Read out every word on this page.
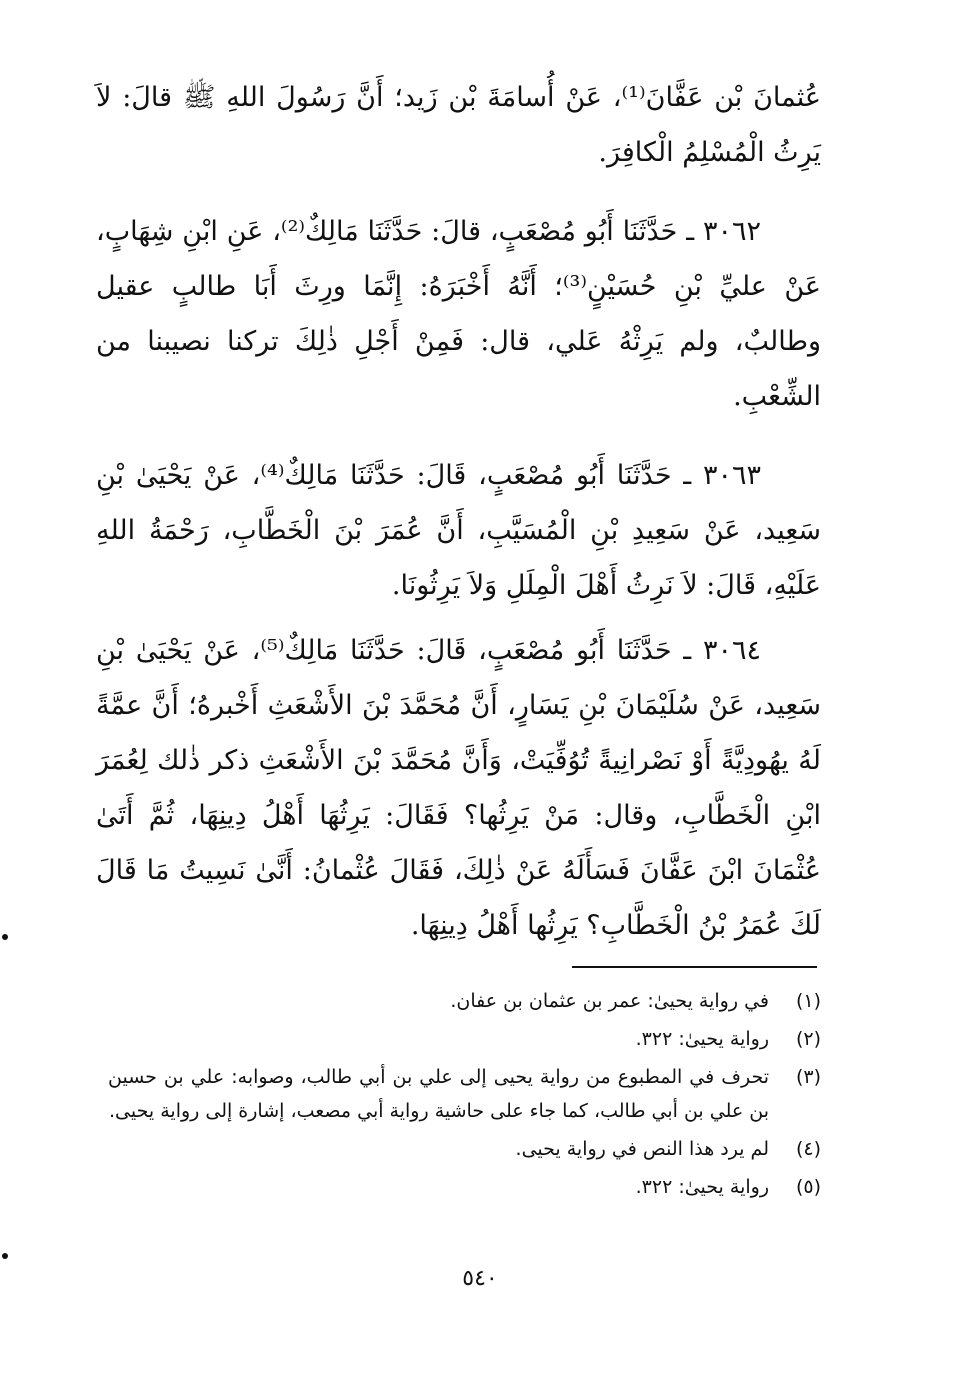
عُثمانَ بْن عَفَّانَ⁽¹⁾، عَنْ أُسامَةَ بْن زَيد؛ أَنَّ رَسُولَ اللهِ ﷺ قالَ: لاَ يَرِثُ الْمُسْلِمُ الْكافِرَ.

٣٠٦٢ ـ حَدَّثَنَا أَبُو مُصْعَبٍ، قالَ: حَدَّثَنَا مَالِكٌ⁽²⁾، عَنِ ابْنِ شِهَابٍ، عَنْ عليِّ بْنِ حُسَيْنٍ⁽³⁾؛ أَنَّهُ أَخْبَرَهُ: إِنَّمَا ورِثَ أَبَا طالبٍ عقيل وطالبٌ، ولم يَرِثْهُ عَلي، قال: فَمِنْ أَجْلِ ذٰلِكَ تركنا نصيبنا من الشِّعْبِ.

٣٠٦٣ ـ حَدَّثَنَا أَبُو مُصْعَبٍ، قَالَ: حَدَّثَنَا مَالِكٌ⁽⁴⁾، عَنْ يَحْيَىٰ بْنِ سَعِيد، عَنْ سَعِيدِ بْنِ الْمُسَيَّبِ، أَنَّ عُمَرَ بْنَ الْخَطَّابِ، رَحْمَةُ اللهِ عَلَيْهِ، قَالَ: لاَ نَرِثُ أَهْلَ الْمِلَلِ وَلاَ يَرِثُونَا.

٣٠٦٤ ـ حَدَّثَنَا أَبُو مُصْعَبٍ، قَالَ: حَدَّثَنَا مَالِكٌ⁽⁵⁾، عَنْ يَحْيَىٰ بْنِ سَعِيد، عَنْ سُلَيْمَانَ بْنِ يَسَارٍ، أَنَّ مُحَمَّدَ بْنَ الأَشْعَثِ أَخْبرهُ؛ أَنَّ عمَّةً لَهُ يهُودِيَّةً أَوْ نَصْرانِيةً تُوُفِّيَتْ، وَأَنَّ مُحَمَّدَ بْنَ الأَشْعَثِ ذكر ذٰلك لِعُمَرَ ابْنِ الْخَطَّابِ، وقال: مَنْ يَرِثُها؟ فَقَالَ: يَرِثُهَا أَهْلُ دِينِهَا، ثُمَّ أَتَىٰ عُثْمَانَ ابْنَ عَفَّانَ فَسَأَلَهُ عَنْ ذٰلِكَ، فَقَالَ عُثْمانُ: أَنَّىٰ نَسِيتُ مَا قَالَ لَكَ عُمَرُ بْنُ الْخَطَّابِ؟ يَرِثُها أَهْلُ دِينِهَا.

(١)
في رواية يحيىٰ: عمر بن عثمان بن عفان.
(٢)
رواية يحيىٰ: ٣٢٢.
(٣)
تحرف في المطبوع من رواية يحيى إلى علي بن أبي طالب، وصوابه: علي بن حسين بن علي بن أبي طالب، كما جاء على حاشية رواية أبي مصعب، إشارة إلى رواية يحيى.
(٤)
لم يرد هذا النص في رواية يحيى.
(٥)
رواية يحيىٰ: ٣٢٢.
٥٤٠
